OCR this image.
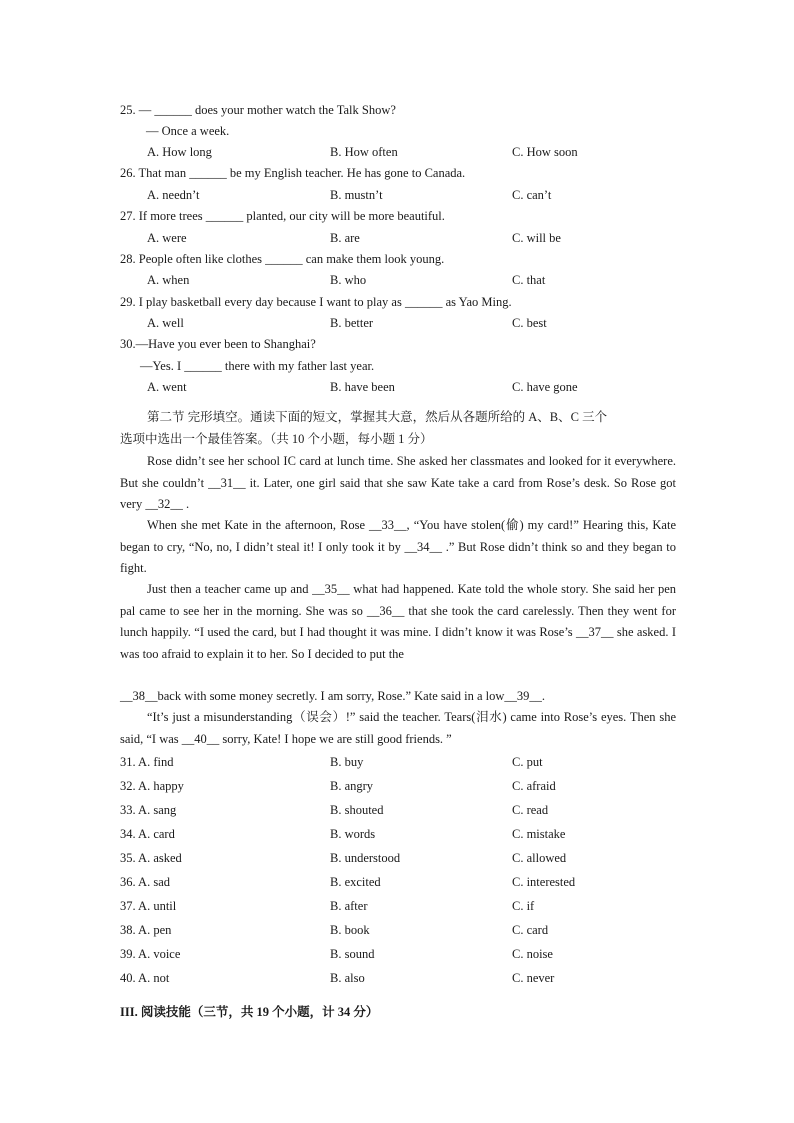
25. — ______ does your mother watch the Talk Show?
— Once a week.
A. How long	B. How often	C. How soon
26. That man ______ be my English teacher. He has gone to Canada.
A. needn’t	B. mustn’t	C. can’t
27. If more trees ______ planted, our city will be more beautiful.
A. were	B. are	C. will be
28. People often like clothes ______ can make them look young.
A. when	B. who	C. that
29. I play basketball every day because I want to play as ______ as Yao Ming.
A. well	B. better	C. best
30.—Have you ever been to Shanghai?
—Yes. I ______ there with my father last year.
A. went	B. have been	C. have gone
第二节 完形填空。通读下面的短文，掌握其大意，然后从各题所给的 A、B、C 三个
选项中选出一个最佳答案。（共 10 个小题，每小题 1 分）
Rose didn’t see her school IC card at lunch time. She asked her classmates and looked for it everywhere. But she couldn’t __31__ it. Later, one girl said that she saw Kate take a card from Rose’s desk. So Rose got very __32__ .
When she met Kate in the afternoon, Rose __33__, “You have stolen(偷) my card!” Hearing this, Kate began to cry, “No, no, I didn’t steal it! I only took it by __34__ .” But Rose didn’t think so and they began to fight.
Just then a teacher came up and __35__ what had happened. Kate told the whole story. She said her pen pal came to see her in the morning. She was so __36__ that she took the card carelessly. Then they went for lunch happily. “I used the card, but I had thought it was mine. I didn’t know it was Rose’s __37__ she asked. I was too afraid to explain it to her. So I decided to put the
__38__back with some money secretly. I am sorry, Rose.” Kate said in a low__39__.
“It’s just a misunderstanding（误会）!” said the teacher. Tears(泪水) came into Rose’s eyes. Then she said, “I was __40__ sorry, Kate! I hope we are still good friends. ”
31. A. find	B. buy	C. put
32. A. happy	B. angry	C. afraid
33. A. sang	B. shouted	C. read
34. A. card	B. words	C. mistake
35. A. asked	B. understood	C. allowed
36. A. sad	B. excited	C. interested
37. A. until	B. after	C. if
38. A. pen	B. book	C. card
39. A. voice	B. sound	C. noise
40. A. not	B. also	C. never
III. 阅读技能（三节，共 19 个小题，计 34 分）
